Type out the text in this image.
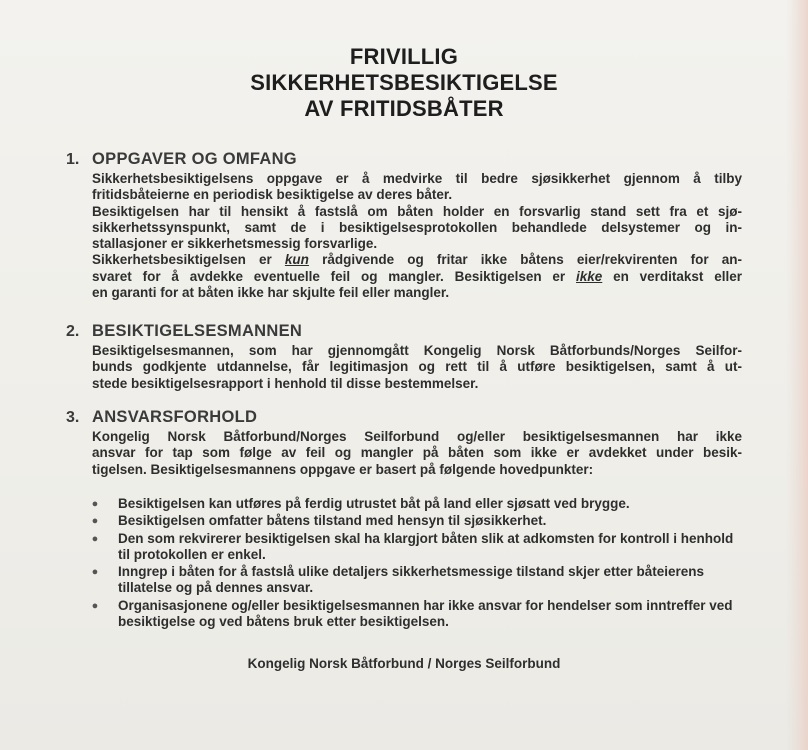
FRIVILLIG
SIKKERHETSBESIKTIGELSE
AV FRITIDSBÅTER
1. OPPGAVER OG OMFANG
Sikkerhetsbesiktigelsens oppgave er å medvirke til bedre sjøsikkerhet gjennom å tilby
fritidsbåteierne en periodisk besiktigelse av deres båter.
Besiktigelsen har til hensikt å fastslå om båten holder en forsvarlig stand sett fra et sjø-
sikkerhetssynspunkt, samt de i besiktigelsesprotokollen behandlede delsystemer og in-
stallasjoner er sikkerhetsmessig forsvarlige.
Sikkerhetsbesiktigelsen er kun rådgivende og fritar ikke båtens eier/rekvirenten for an-
svaret for å avdekke eventuelle feil og mangler. Besiktigelsen er ikke en verditakst eller
en garanti for at båten ikke har skjulte feil eller mangler.
2. BESIKTIGELSESMANNEN
Besiktigelsesmannen, som har gjennomgått Kongelig Norsk Båtforbunds/Norges Seilfor-
bunds godkjente utdannelse, får legitimasjon og rett til å utføre besiktigelsen, samt å ut-
stede besiktigelsesrapport i henhold til disse bestemmelser.
3. ANSVARSFORHOLD
Kongelig Norsk Båtforbund/Norges Seilforbund og/eller besiktigelsesmannen har ikke
ansvar for tap som følge av feil og mangler på båten som ikke er avdekket under besik-
tigelsen. Besiktigelsesmannens oppgave er basert på følgende hovedpunkter:
● Besiktigelsen kan utføres på ferdig utrustet båt på land eller sjøsatt ved brygge.
● Besiktigelsen omfatter båtens tilstand med hensyn til sjøsikkerhet.
● Den som rekvirerer besiktigelsen skal ha klargjort båten slik at adkomsten for kontroll i henhold til protokollen er enkel.
● Inngrep i båten for å fastslå ulike detaljers sikkerhetsmessige tilstand skjer etter båteierens tillatelse og på dennes ansvar.
● Organisasjonene og/eller besiktigelsesmannen har ikke ansvar for hendelser som inntreffer ved besiktigelse og ved båtens bruk etter besiktigelsen.
Kongelig Norsk Båtforbund / Norges Seilforbund
